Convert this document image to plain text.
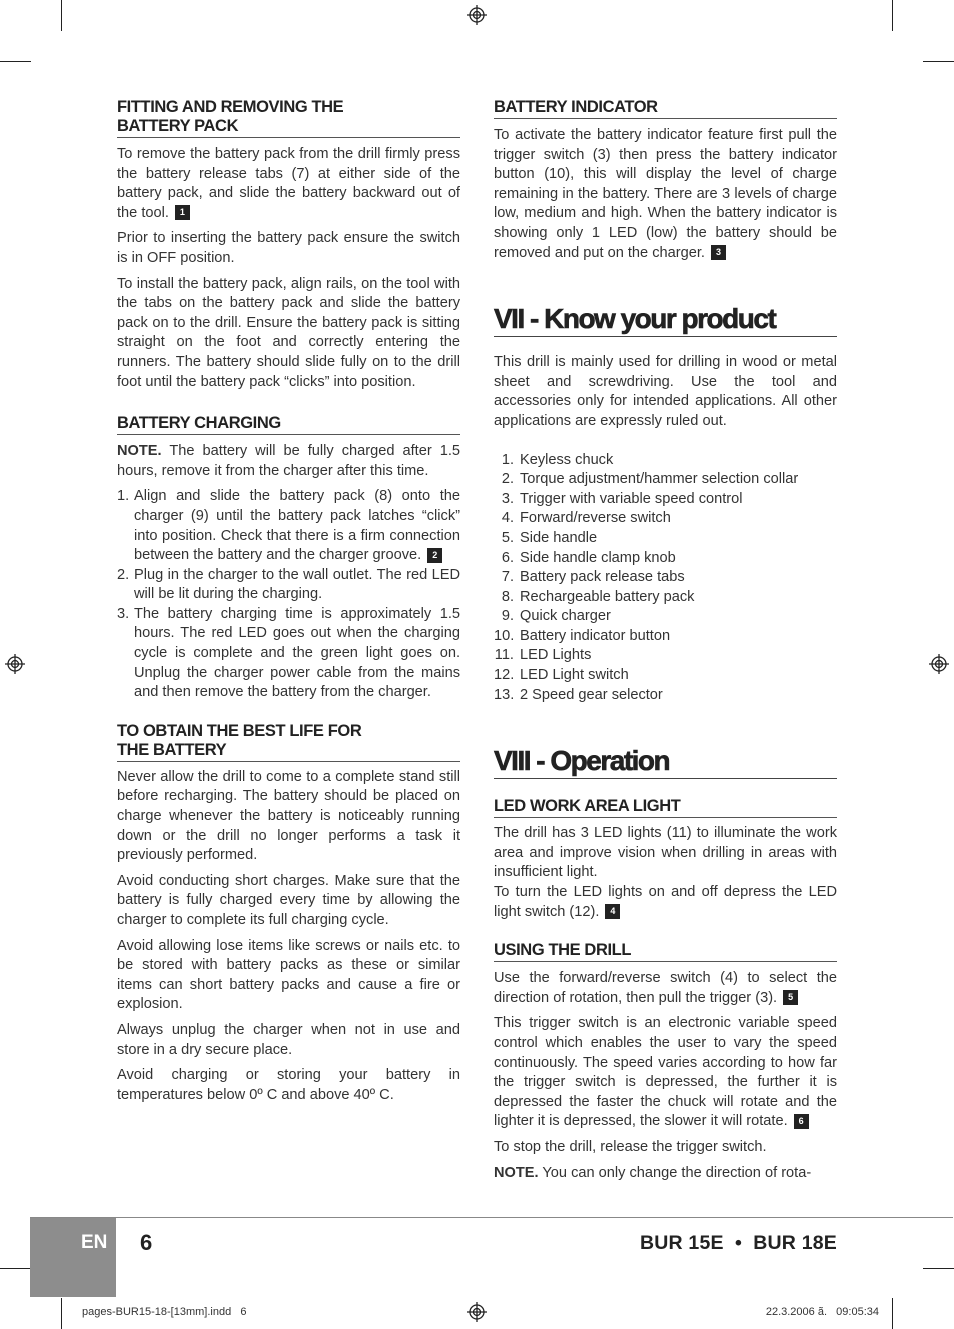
FITTING AND REMOVING THE
BATTERY PACK

To remove the battery pack from the drill firmly press the battery release tabs (7) at either side of the battery pack, and slide the battery backward out of the tool. 1

Prior to inserting the battery pack ensure the switch is in OFF position.

To install the battery pack, align rails, on the tool with the tabs on the battery pack and slide the battery pack on to the drill. Ensure the battery pack is sitting straight on the foot and correctly entering the runners. The battery should slide fully on to the drill foot until the battery pack “clicks” into position.

BATTERY CHARGING

NOTE. The battery will be fully charged after 1.5 hours, remove it from the charger after this time.

1. Align and slide the battery pack (8) onto the charger (9) until the battery pack latches “click” into position. Check that there is a firm connection between the battery and the charger groove. 2
2. Plug in the charger to the wall outlet. The red LED will be lit during the charging.
3. The battery charging time is approximately 1.5 hours. The red LED goes out when the charging cycle is complete and the green light goes on. Unplug the charger power cable from the mains and then remove the battery from the charger.
TO OBTAIN THE BEST LIFE FOR
THE BATTERY

Never allow the drill to come to a complete stand still before recharging. The battery should be placed on charge whenever the battery is noticeably running down or the drill no longer performs a task it previously performed.

Avoid conducting short charges. Make sure that the battery is fully charged every time by allowing the charger to complete its full charging cycle.

Avoid allowing lose items like screws or nails etc. to be stored with battery packs as these or similar items can short battery packs and cause a fire or explosion.

Always unplug the charger when not in use and store in a dry secure place.

Avoid charging or storing your battery in temperatures below 0º C and above 40º C.

BATTERY INDICATOR

To activate the battery indicator feature first pull the trigger switch (3) then press the battery indicator button (10), this will display the level of charge remaining in the battery. There are 3 levels of charge low, medium and high. When the battery indicator is showing only 1 LED (low) the battery should be removed and put on the charger. 3

VII - Know your product

This drill is mainly used for drilling in wood or metal sheet and screwdriving. Use the tool and accessories only for intended applications. All other applications are expressly ruled out.

1. Keyless chuck
2. Torque adjustment/hammer selection collar
3. Trigger with variable speed control
4. Forward/reverse switch
5. Side handle
6. Side handle clamp knob
7. Battery pack release tabs
8. Rechargeable battery pack
9. Quick charger
10. Battery indicator button
11. LED Lights
12. LED Light switch
13. 2 Speed gear selector
VIII - Operation
LED WORK AREA LIGHT

The drill has 3 LED lights (11) to illuminate the work area and improve vision when drilling in areas with insufficient light.

To turn the LED lights on and off depress the LED light switch (12). 4

USING THE DRILL

Use the forward/reverse switch (4) to select the direction of rotation, then pull the trigger (3). 5

This trigger switch is an electronic variable speed control which enables the user to vary the speed continuously. The speed varies according to how far the trigger switch is depressed, the further it is depressed the faster the chuck will rotate and the lighter it is depressed, the slower it will rotate. 6

To stop the drill, release the trigger switch.

NOTE. You can only change the direction of rota-

EN 6	BUR 15E  •  BUR 18E
pages-BUR15-18-[13mm].indd   6	22.3.2006 ã.   09:05:34
